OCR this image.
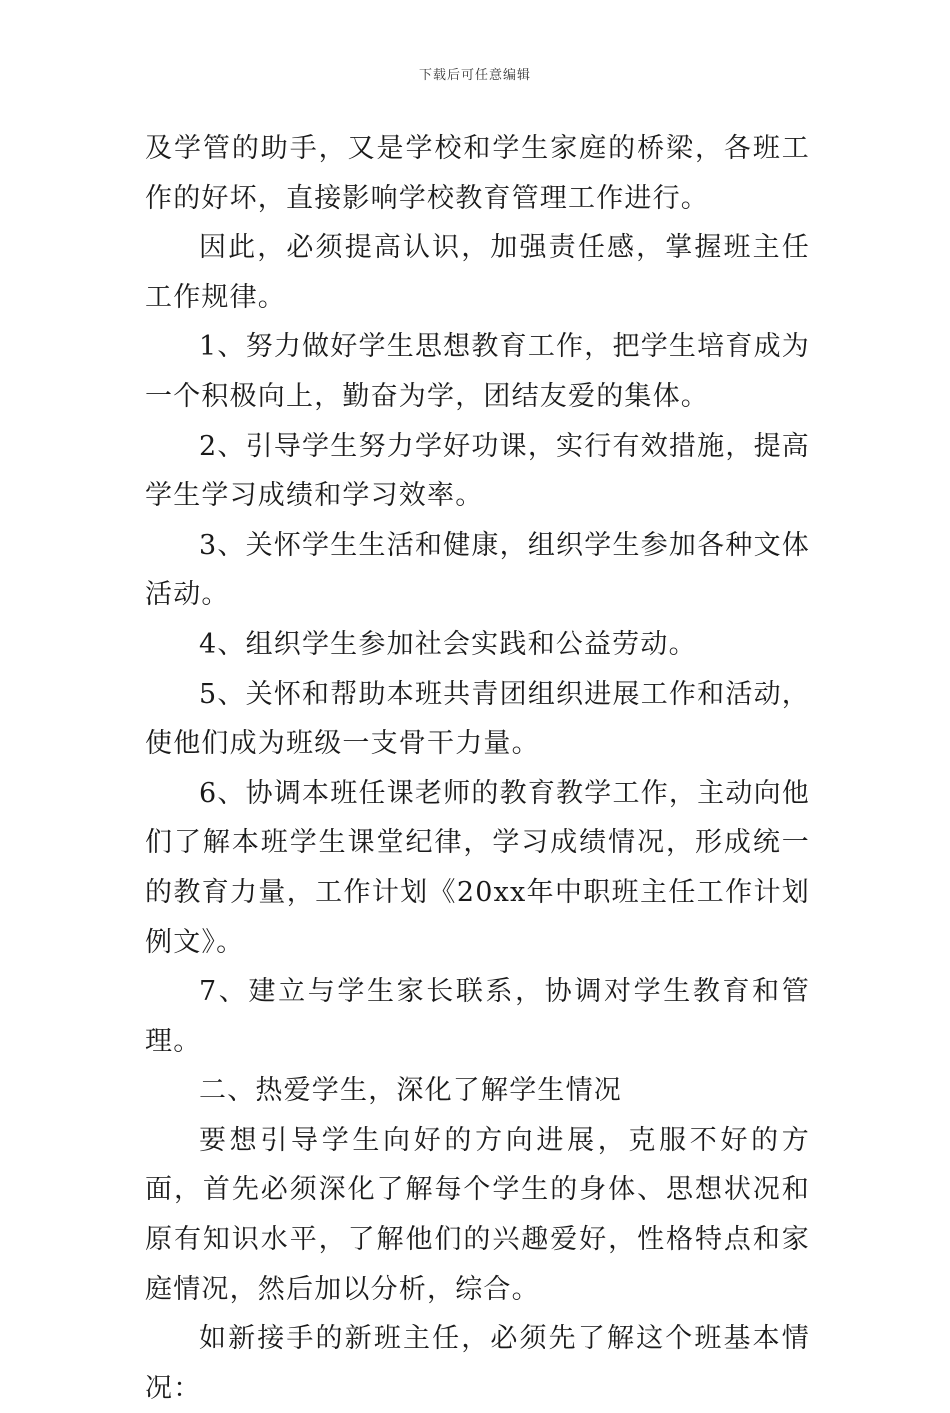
下载后可任意编辑

及学管的助手，又是学校和学生家庭的桥梁，各班工作的好坏，直接影响学校教育管理工作进行。

因此，必须提高认识，加强责任感，掌握班主任工作规律。

1、努力做好学生思想教育工作，把学生培育成为一个积极向上，勤奋为学，团结友爱的集体。

2、引导学生努力学好功课，实行有效措施，提高学生学习成绩和学习效率。

3、关怀学生生活和健康，组织学生参加各种文体活动。

4、组织学生参加社会实践和公益劳动。

5、关怀和帮助本班共青团组织进展工作和活动，使他们成为班级一支骨干力量。

6、协调本班任课老师的教育教学工作，主动向他们了解本班学生课堂纪律，学习成绩情况，形成统一的教育力量，工作计划《20xx年中职班主任工作计划例文》。

7、建立与学生家长联系，协调对学生教育和管理。

二、热爱学生，深化了解学生情况

要想引导学生向好的方向进展，克服不好的方面，首先必须深化了解每个学生的身体、思想状况和原有知识水平，了解他们的兴趣爱好，性格特点和家庭情况，然后加以分析，综合。

如新接手的新班主任，必须先了解这个班基本情况：
